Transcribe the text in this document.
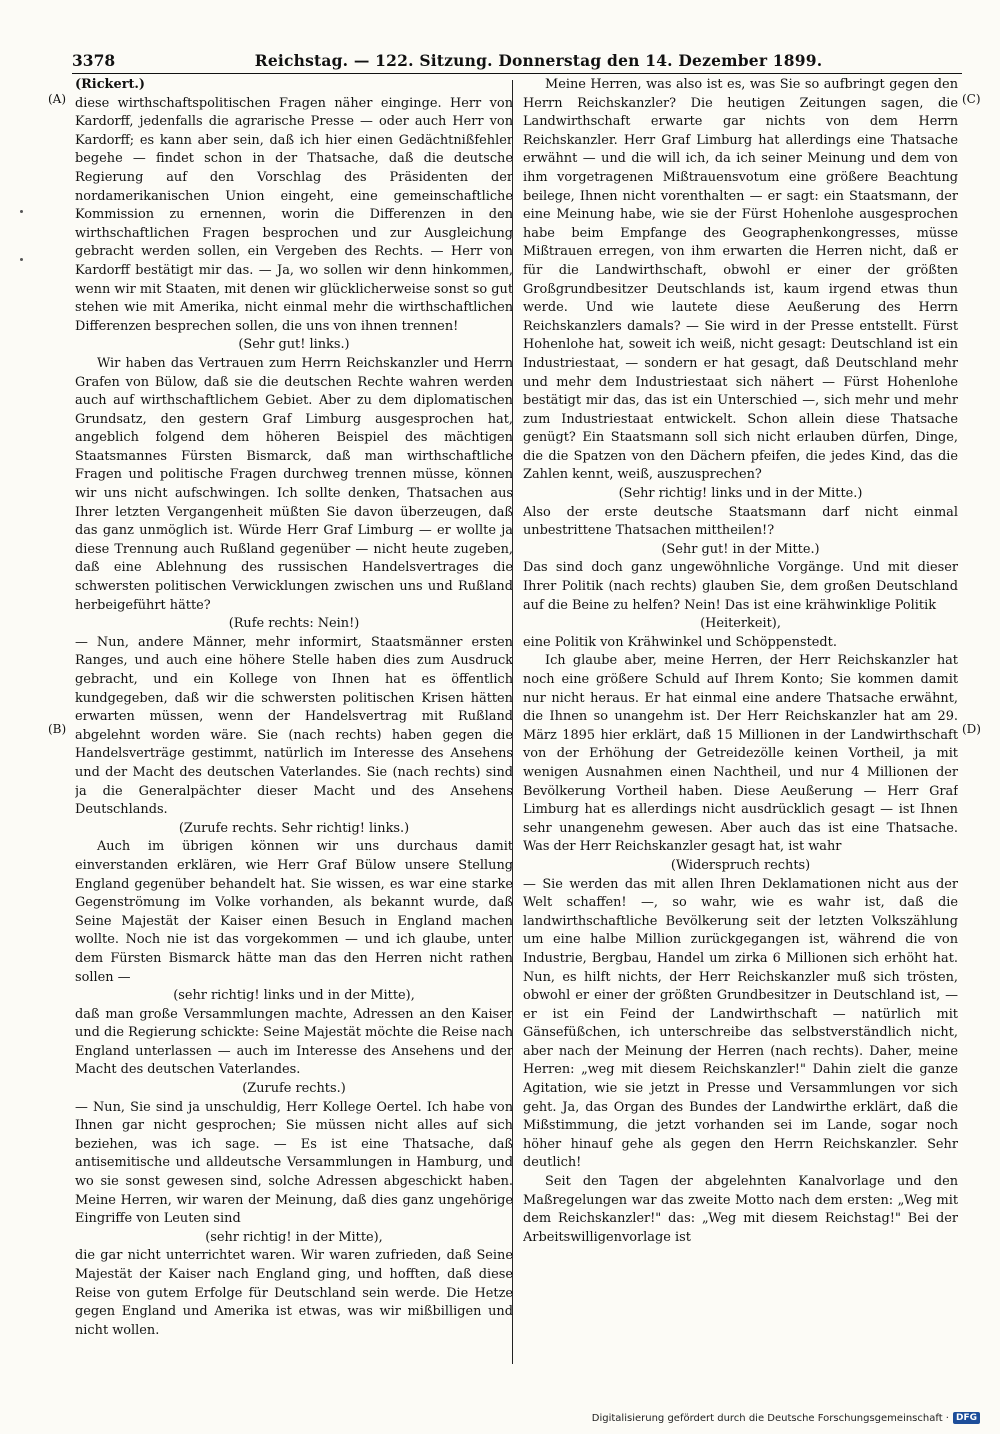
3378	Reichstag. — 122. Sitzung. Donnerstag den 14. Dezember 1899.
(A)
(B)
(C)
(D)

(Rickert.)

diese wirthschaftspolitischen Fragen näher einginge. Herr von Kardorff, jedenfalls die agrarische Presse — oder auch Herr von Kardorff; es kann aber sein, daß ich hier einen Gedächtnißfehler begehe — findet schon in der Thatsache, daß die deutsche Regierung auf den Vorschlag des Präsidenten der nordamerikanischen Union eingeht, eine gemeinschaftliche Kommission zu ernennen, worin die Differenzen in den wirthschaftlichen Fragen besprochen und zur Ausgleichung gebracht werden sollen, ein Vergeben des Rechts. — Herr von Kardorff bestätigt mir das. — Ja, wo sollen wir denn hinkommen, wenn wir mit Staaten, mit denen wir glücklicherweise sonst so gut stehen wie mit Amerika, nicht einmal mehr die wirthschaftlichen Differenzen besprechen sollen, die uns von ihnen trennen!

(Sehr gut! links.)

Wir haben das Vertrauen zum Herrn Reichskanzler und Herrn Grafen von Bülow, daß sie die deutschen Rechte wahren werden auch auf wirthschaftlichem Gebiet. Aber zu dem diplomatischen Grundsatz, den gestern Graf Limburg ausgesprochen hat, angeblich folgend dem höheren Beispiel des mächtigen Staatsmannes Fürsten Bismarck, daß man wirthschaftliche Fragen und politische Fragen durchweg trennen müsse, können wir uns nicht aufschwingen. Ich sollte denken, Thatsachen aus Ihrer letzten Vergangenheit müßten Sie davon überzeugen, daß das ganz unmöglich ist. Würde Herr Graf Limburg — er wollte ja diese Trennung auch Rußland gegenüber — nicht heute zugeben, daß eine Ablehnung des russischen Handelsvertrages die schwersten politischen Verwicklungen zwischen uns und Rußland herbeigeführt hätte?

(Rufe rechts: Nein!)

— Nun, andere Männer, mehr informirt, Staatsmänner ersten Ranges, und auch eine höhere Stelle haben dies zum Ausdruck gebracht, und ein Kollege von Ihnen hat es öffentlich kundgegeben, daß wir die schwersten politischen Krisen hätten erwarten müssen, wenn der Handelsvertrag mit Rußland abgelehnt worden wäre. Sie (nach rechts) haben gegen die Handelsverträge gestimmt, natürlich im Interesse des Ansehens und der Macht des deutschen Vaterlandes. Sie (nach rechts) sind ja die Generalpächter dieser Macht und des Ansehens Deutschlands.

(Zurufe rechts. Sehr richtig! links.)

Auch im übrigen können wir uns durchaus damit einverstanden erklären, wie Herr Graf Bülow unsere Stellung England gegenüber behandelt hat. Sie wissen, es war eine starke Gegenströmung im Volke vorhanden, als bekannt wurde, daß Seine Majestät der Kaiser einen Besuch in England machen wollte. Noch nie ist das vorgekommen — und ich glaube, unter dem Fürsten Bismarck hätte man das den Herren nicht rathen sollen —

(sehr richtig! links und in der Mitte),

daß man große Versammlungen machte, Adressen an den Kaiser und die Regierung schickte: Seine Majestät möchte die Reise nach England unterlassen — auch im Interesse des Ansehens und der Macht des deutschen Vaterlandes.

(Zurufe rechts.)

— Nun, Sie sind ja unschuldig, Herr Kollege Oertel. Ich habe von Ihnen gar nicht gesprochen; Sie müssen nicht alles auf sich beziehen, was ich sage. — Es ist eine Thatsache, daß antisemitische und alldeutsche Versammlungen in Hamburg, und wo sie sonst gewesen sind, solche Adressen abgeschickt haben. Meine Herren, wir waren der Meinung, daß dies ganz ungehörige Eingriffe von Leuten sind

(sehr richtig! in der Mitte),

die gar nicht unterrichtet waren. Wir waren zufrieden, daß Seine Majestät der Kaiser nach England ging, und hofften, daß diese Reise von gutem Erfolge für Deutschland sein werde. Die Hetze gegen England und Amerika ist etwas, was wir mißbilligen und nicht wollen.

Meine Herren, was also ist es, was Sie so aufbringt gegen den Herrn Reichskanzler? Die heutigen Zeitungen sagen, die Landwirthschaft erwarte gar nichts von dem Herrn Reichskanzler. Herr Graf Limburg hat allerdings eine Thatsache erwähnt — und die will ich, da ich seiner Meinung und dem von ihm vorgetragenen Mißtrauensvotum eine größere Beachtung beilege, Ihnen nicht vorenthalten — er sagt: ein Staatsmann, der eine Meinung habe, wie sie der Fürst Hohenlohe ausgesprochen habe beim Empfange des Geographenkongresses, müsse Mißtrauen erregen, von ihm erwarten die Herren nicht, daß er für die Landwirthschaft, obwohl er einer der größten Großgrundbesitzer Deutschlands ist, kaum irgend etwas thun werde. Und wie lautete diese Aeußerung des Herrn Reichskanzlers damals? — Sie wird in der Presse entstellt. Fürst Hohenlohe hat, soweit ich weiß, nicht gesagt: Deutschland ist ein Industriestaat, — sondern er hat gesagt, daß Deutschland mehr und mehr dem Industriestaat sich nähert — Fürst Hohenlohe bestätigt mir das, das ist ein Unterschied —, sich mehr und mehr zum Industriestaat entwickelt. Schon allein diese Thatsache genügt? Ein Staatsmann soll sich nicht erlauben dürfen, Dinge, die die Spatzen von den Dächern pfeifen, die jedes Kind, das die Zahlen kennt, weiß, auszusprechen?

(Sehr richtig! links und in der Mitte.)

Also der erste deutsche Staatsmann darf nicht einmal unbestrittene Thatsachen mittheilen!?

(Sehr gut! in der Mitte.)

Das sind doch ganz ungewöhnliche Vorgänge. Und mit dieser Ihrer Politik (nach rechts) glauben Sie, dem großen Deutschland auf die Beine zu helfen? Nein! Das ist eine krähwinklige Politik

(Heiterkeit),

eine Politik von Krähwinkel und Schöppenstedt.

Ich glaube aber, meine Herren, der Herr Reichskanzler hat noch eine größere Schuld auf Ihrem Konto; Sie kommen damit nur nicht heraus. Er hat einmal eine andere Thatsache erwähnt, die Ihnen so unangehm ist. Der Herr Reichskanzler hat am 29. März 1895 hier erklärt, daß 15 Millionen in der Landwirthschaft von der Erhöhung der Getreidezölle keinen Vortheil, ja mit wenigen Ausnahmen einen Nachtheil, und nur 4 Millionen der Bevölkerung Vortheil haben. Diese Aeußerung — Herr Graf Limburg hat es allerdings nicht ausdrücklich gesagt — ist Ihnen sehr unangenehm gewesen. Aber auch das ist eine Thatsache. Was der Herr Reichskanzler gesagt hat, ist wahr

(Widerspruch rechts)

— Sie werden das mit allen Ihren Deklamationen nicht aus der Welt schaffen! —, so wahr, wie es wahr ist, daß die landwirthschaftliche Bevölkerung seit der letzten Volkszählung um eine halbe Million zurückgegangen ist, während die von Industrie, Bergbau, Handel um zirka 6 Millionen sich erhöht hat. Nun, es hilft nichts, der Herr Reichskanzler muß sich trösten, obwohl er einer der größten Grundbesitzer in Deutschland ist, — er ist ein Feind der Landwirthschaft — natürlich mit Gänsefüßchen, ich unterschreibe das selbstverständlich nicht, aber nach der Meinung der Herren (nach rechts). Daher, meine Herren: „weg mit diesem Reichskanzler!" Dahin zielt die ganze Agitation, wie sie jetzt in Presse und Versammlungen vor sich geht. Ja, das Organ des Bundes der Landwirthe erklärt, daß die Mißstimmung, die jetzt vorhanden sei im Lande, sogar noch höher hinauf gehe als gegen den Herrn Reichskanzler. Sehr deutlich!

Seit den Tagen der abgelehnten Kanalvorlage und den Maßregelungen war das zweite Motto nach dem ersten: „Weg mit dem Reichskanzler!" das: „Weg mit diesem Reichstag!" Bei der Arbeitswilligenvorlage ist

Digitalisierung gefördert durch die Deutsche Forschungsgemeinschaft · DFG
